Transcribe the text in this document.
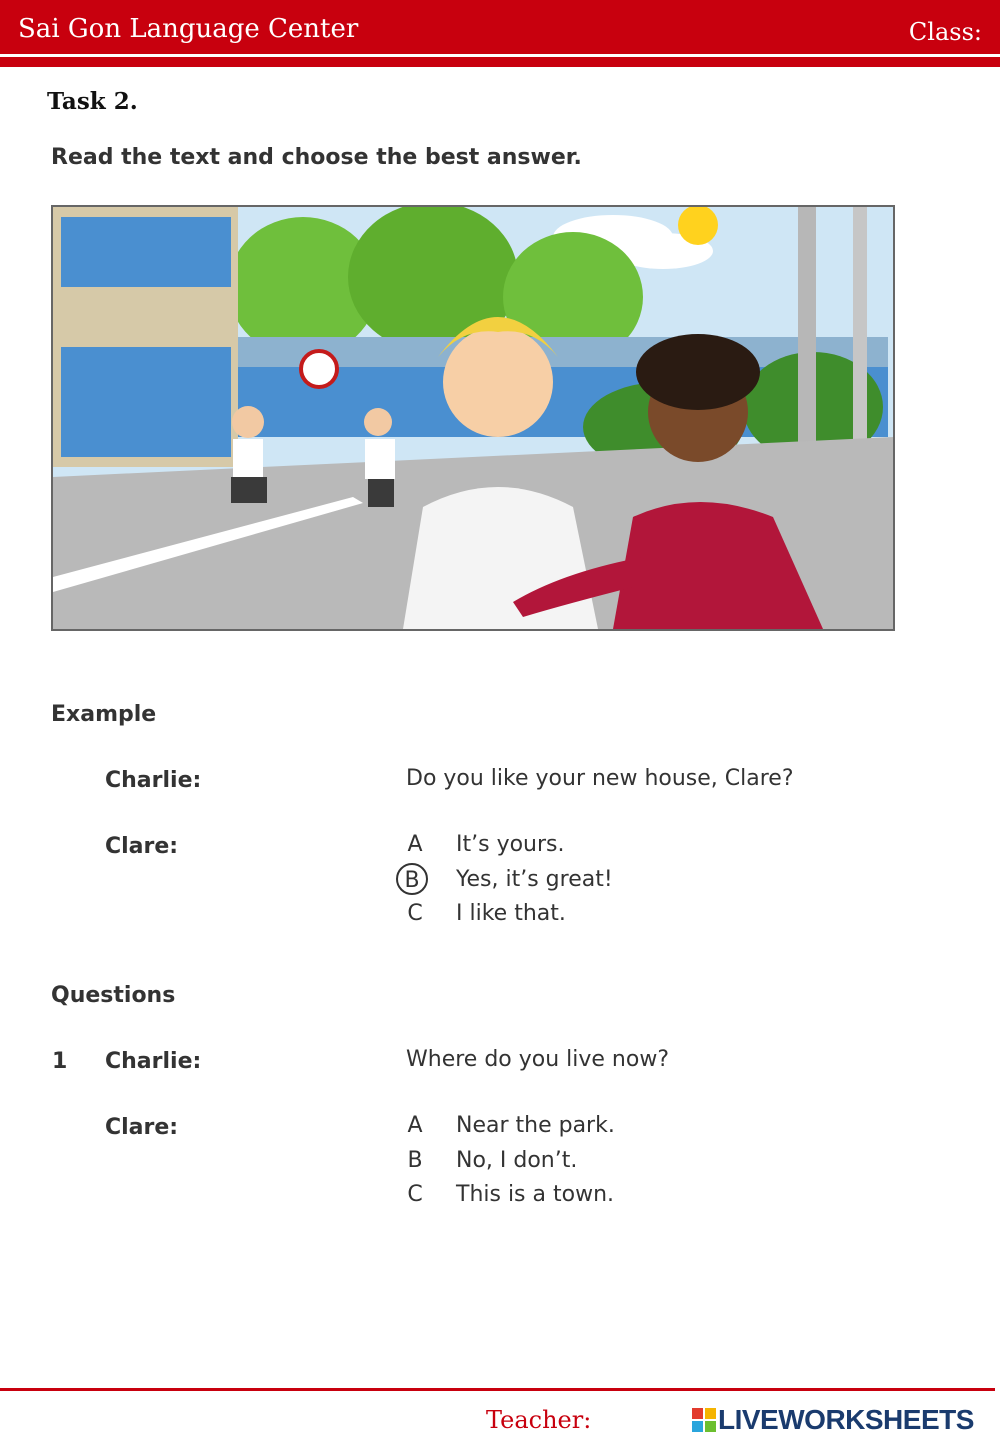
Sai Gon Language Center	Class:
Task 2.
Read the text and choose the best answer.
Example
Charlie:	Do you like your new house, Clare?
Clare:	A	It’s yours.
B	Yes, it’s great!
C	I like that.
Questions
1 Charlie:	Where do you live now?
Clare:	A	Near the park.
B	No, I don’t.
C	This is a town.
Teacher:	LIVEWORKSHEETS
